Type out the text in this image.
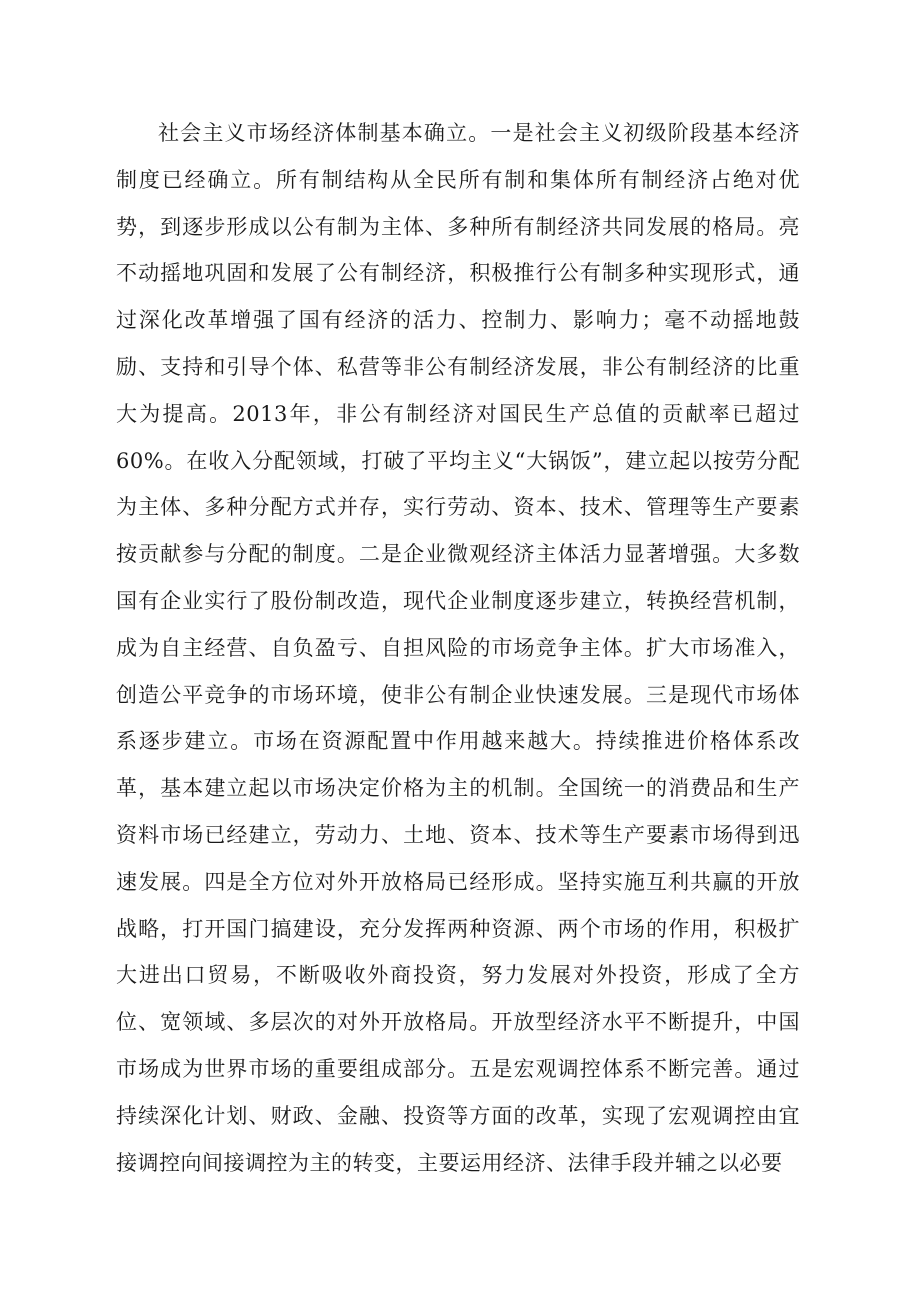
社会主义市场经济体制基本确立。一是社会主义初级阶段基本经济制度已经确立。所有制结构从全民所有制和集体所有制经济占绝对优势，到逐步形成以公有制为主体、多种所有制经济共同发展的格局。亮不动摇地巩固和发展了公有制经济，积极推行公有制多种实现形式，通过深化改革增强了国有经济的活力、控制力、影响力；毫不动摇地鼓励、支持和引导个体、私营等非公有制经济发展，非公有制经济的比重大为提高。2013年，非公有制经济对国民生产总值的贡献率已超过60%。在收入分配领域，打破了平均主义“大锅饭”，建立起以按劳分配为主体、多种分配方式并存，实行劳动、资本、技术、管理等生产要素按贡献参与分配的制度。二是企业微观经济主体活力显著增强。大多数国有企业实行了股份制改造，现代企业制度逐步建立，转换经营机制，成为自主经营、自负盈亏、自担风险的市场竞争主体。扩大市场准入，创造公平竞争的市场环境，使非公有制企业快速发展。三是现代市场体系逐步建立。市场在资源配置中作用越来越大。持续推进价格体系改革，基本建立起以市场决定价格为主的机制。全国统一的消费品和生产资料市场已经建立，劳动力、土地、资本、技术等生产要素市场得到迅速发展。四是全方位对外开放格局已经形成。坚持实施互利共赢的开放战略，打开国门搞建设，充分发挥两种资源、两个市场的作用，积极扩大进出口贸易，不断吸收外商投资，努力发展对外投资，形成了全方位、宽领域、多层次的对外开放格局。开放型经济水平不断提升，中国市场成为世界市场的重要组成部分。五是宏观调控体系不断完善。通过持续深化计划、财政、金融、投资等方面的改革，实现了宏观调控由宜接调控向间接调控为主的转变，主要运用经济、法律手段并辅之以必要
